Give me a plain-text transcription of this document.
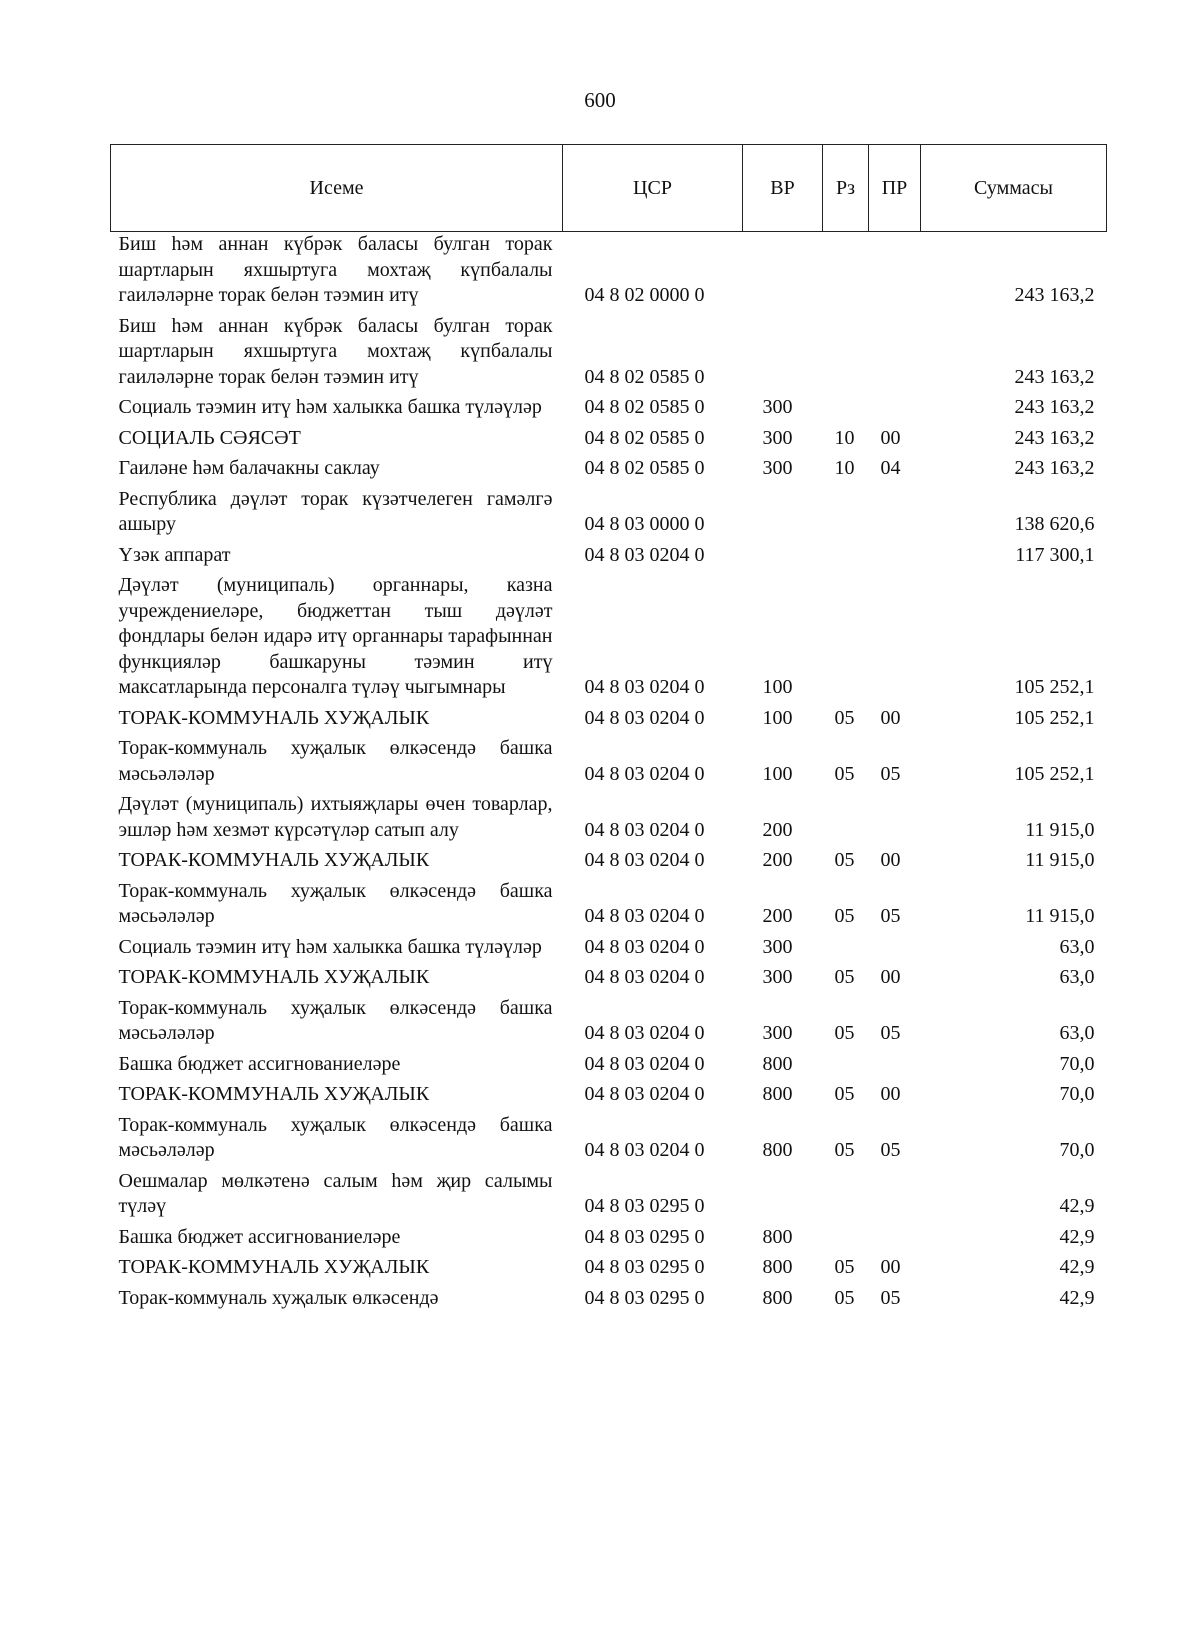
600
Исеме	ЦСР	ВР	Рз	ПР	Суммасы
Биш һәм аннан күбрәк баласы булган торак шартларын яхшыртуга мохтаҗ күпбалалы гаиләләрне торак белән тәэмин итү	04 8 02 0000 0				243 163,2
Биш һәм аннан күбрәк баласы булган торак шартларын яхшыртуга мохтаҗ күпбалалы гаиләләрне торак белән тәэмин итү	04 8 02 0585 0				243 163,2
Социаль тәэмин итү һәм халыкка башка түләүләр	04 8 02 0585 0	300			243 163,2
СОЦИАЛЬ СӘЯСӘТ	04 8 02 0585 0	300	10	00	243 163,2
Гаиләне һәм балачакны саклау	04 8 02 0585 0	300	10	04	243 163,2
Республика дәүләт торак күзәтчелеген гамәлгә ашыру	04 8 03 0000 0				138 620,6
Үзәк аппарат	04 8 03 0204 0				117 300,1
Дәүләт (муниципаль) органнары, казна учреждениеләре, бюджеттан тыш дәүләт фондлары белән идарә итү органнары тарафыннан функцияләр башкаруны тәэмин итү максатларында персоналга түләү чыгымнары	04 8 03 0204 0	100			105 252,1
ТОРАК-КОММУНАЛЬ ХУҖАЛЫК	04 8 03 0204 0	100	05	00	105 252,1
Торак-коммуналь хуҗалык өлкәсендә башка мәсьәләләр	04 8 03 0204 0	100	05	05	105 252,1
Дәүләт (муниципаль) ихтыяҗлары өчен товарлар, эшләр һәм хезмәт күрсәтүләр сатып алу	04 8 03 0204 0	200			11 915,0
ТОРАК-КОММУНАЛЬ ХУҖАЛЫК	04 8 03 0204 0	200	05	00	11 915,0
Торак-коммуналь хуҗалык өлкәсендә башка мәсьәләләр	04 8 03 0204 0	200	05	05	11 915,0
Социаль тәэмин итү һәм халыкка башка түләүләр	04 8 03 0204 0	300			63,0
ТОРАК-КОММУНАЛЬ ХУҖАЛЫК	04 8 03 0204 0	300	05	00	63,0
Торак-коммуналь хуҗалык өлкәсендә башка мәсьәләләр	04 8 03 0204 0	300	05	05	63,0
Башка бюджет ассигнованиеләре	04 8 03 0204 0	800			70,0
ТОРАК-КОММУНАЛЬ ХУҖАЛЫК	04 8 03 0204 0	800	05	00	70,0
Торак-коммуналь хуҗалык өлкәсендә башка мәсьәләләр	04 8 03 0204 0	800	05	05	70,0
Оешмалар мөлкәтенә салым һәм җир салымы түләү	04 8 03 0295 0				42,9
Башка бюджет ассигнованиеләре	04 8 03 0295 0	800			42,9
ТОРАК-КОММУНАЛЬ ХУҖАЛЫК	04 8 03 0295 0	800	05	00	42,9
Торак-коммуналь хуҗалык өлкәсендә	04 8 03 0295 0	800	05	05	42,9
